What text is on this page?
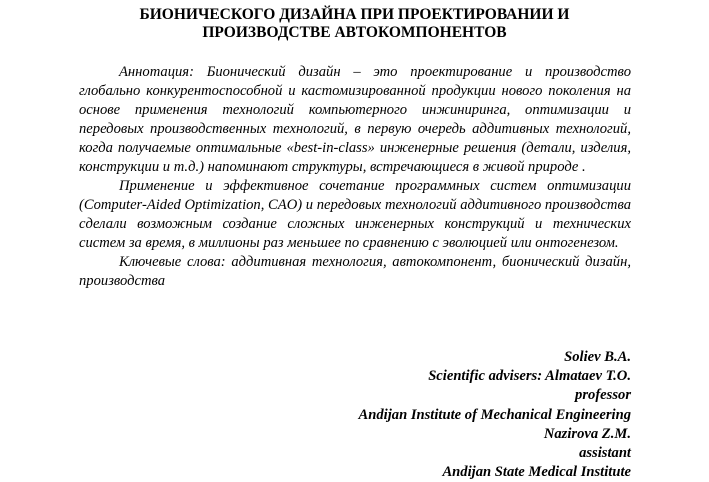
БИОНИЧЕСКОГО ДИЗАЙНА ПРИ ПРОЕКТИРОВАНИИ И
ПРОИЗВОДСТВЕ АВТОКОМПОНЕНТОВ

Аннотация: Бионический дизайн – это проектирование и производство глобально конкурентоспособной и кастомизированной продукции нового поколения на основе применения технологий компьютерного инжиниринга, оптимизации и передовых производственных технологий, в первую очередь аддитивных технологий, когда получаемые оптимальные «best-in-class» инженерные решения (детали, изделия, конструкции и т.д.) напоминают структуры, встречающиеся в живой природе .

Применение и эффективное сочетание программных систем оптимизации (Computer-Aided Optimization, CAO) и передовых технологий аддитивного производства сделали возможным создание сложных инженерных конструкций и технических систем за время, в миллионы раз меньшее по сравнению с эволюцией или онтогенезом.

Ключевые слова: аддитивная технология, автокомпонент, бионический дизайн, производства

Soliev B.A.
Scientific advisers: Almataev T.O.
professor
Andijan Institute of Mechanical Engineering
Nazirova Z.M.
assistant
Andijan State Medical Institute
